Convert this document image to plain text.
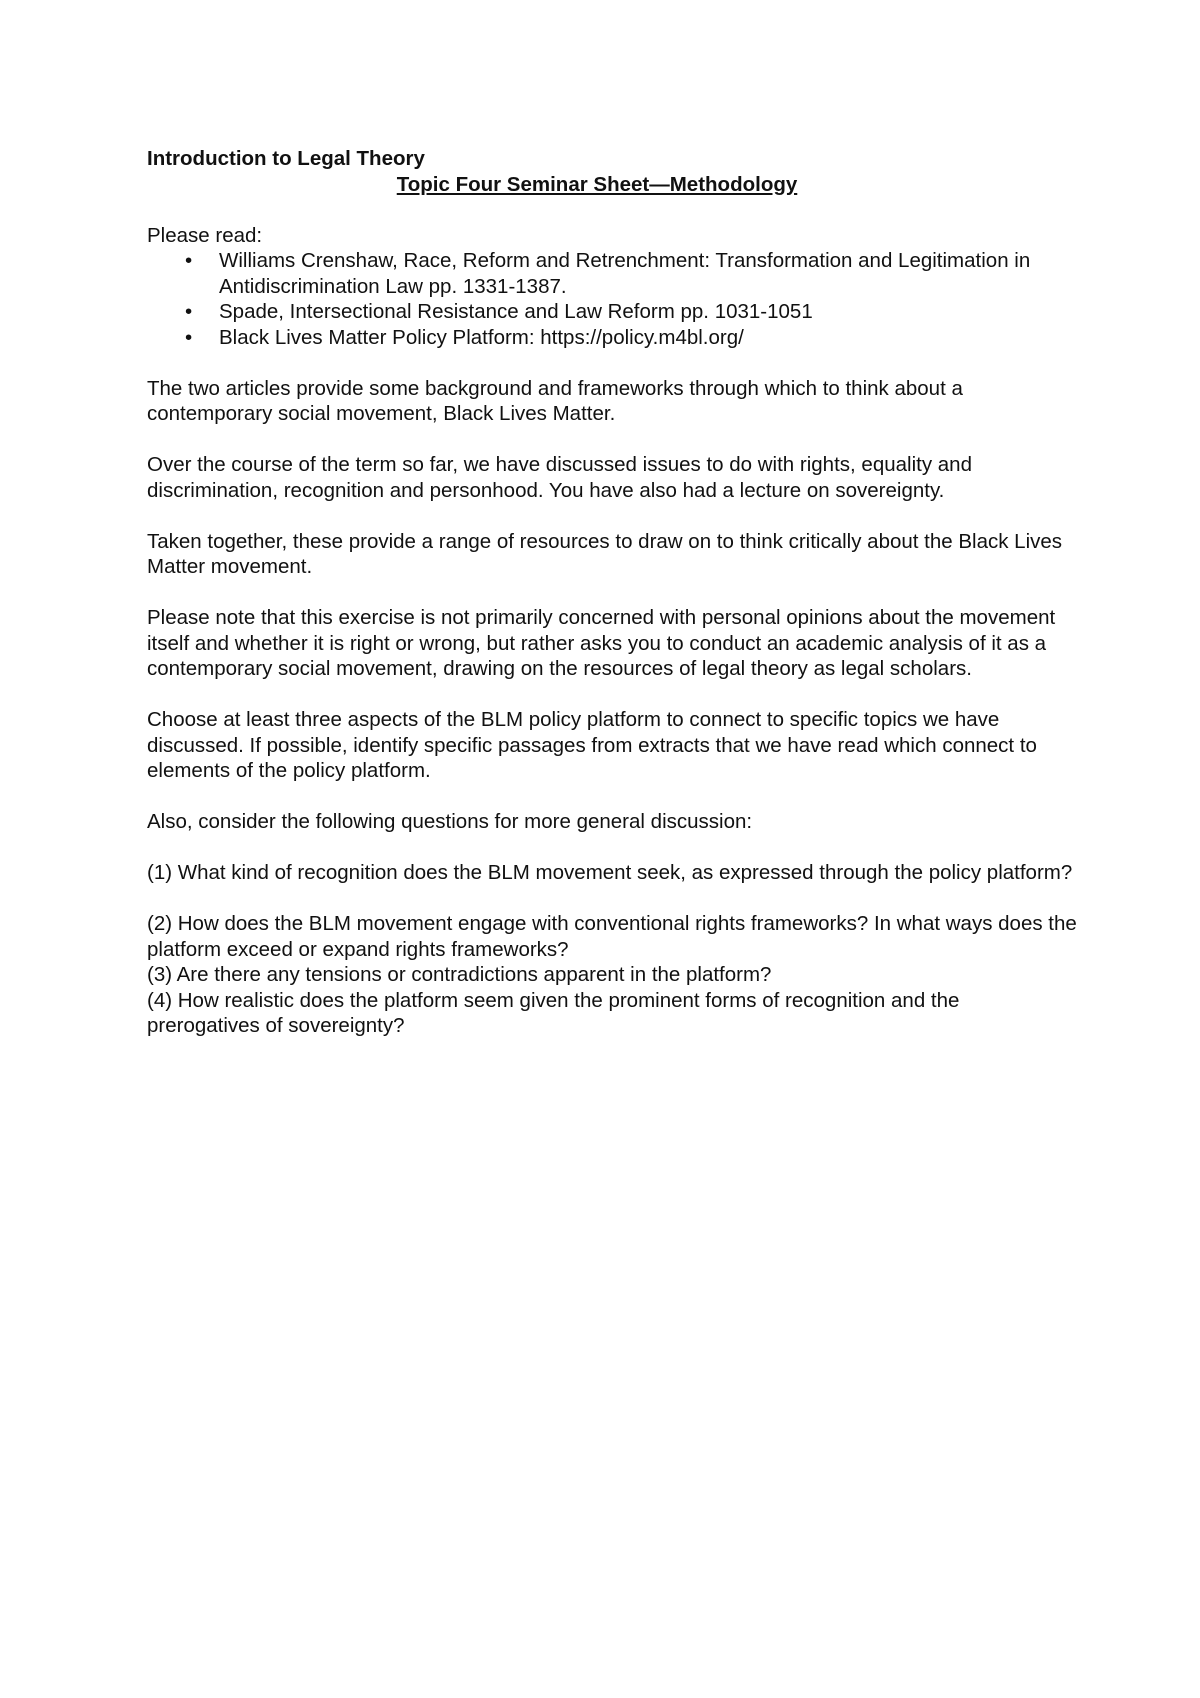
Introduction to Legal Theory

Topic Four Seminar Sheet—Methodology

Please read:

• Williams Crenshaw, Race, Reform and Retrenchment: Transformation and Legitimation in Antidiscrimination Law pp. 1331-1387.
• Spade, Intersectional Resistance and Law Reform pp. 1031-1051
• Black Lives Matter Policy Platform: https://policy.m4bl.org/

The two articles provide some background and frameworks through which to think about a contemporary social movement, Black Lives Matter.

Over the course of the term so far, we have discussed issues to do with rights, equality and discrimination, recognition and personhood. You have also had a lecture on sovereignty.

Taken together, these provide a range of resources to draw on to think critically about the Black Lives Matter movement.

Please note that this exercise is not primarily concerned with personal opinions about the movement itself and whether it is right or wrong, but rather asks you to conduct an academic analysis of it as a contemporary social movement, drawing on the resources of legal theory as legal scholars.

Choose at least three aspects of the BLM policy platform to connect to specific topics we have discussed. If possible, identify specific passages from extracts that we have read which connect to elements of the policy platform.

Also, consider the following questions for more general discussion:

(1) What kind of recognition does the BLM movement seek, as expressed through the policy platform?

(2) How does the BLM movement engage with conventional rights frameworks? In what ways does the platform exceed or expand rights frameworks?

(3) Are there any tensions or contradictions apparent in the platform?

(4) How realistic does the platform seem given the prominent forms of recognition and the prerogatives of sovereignty?
